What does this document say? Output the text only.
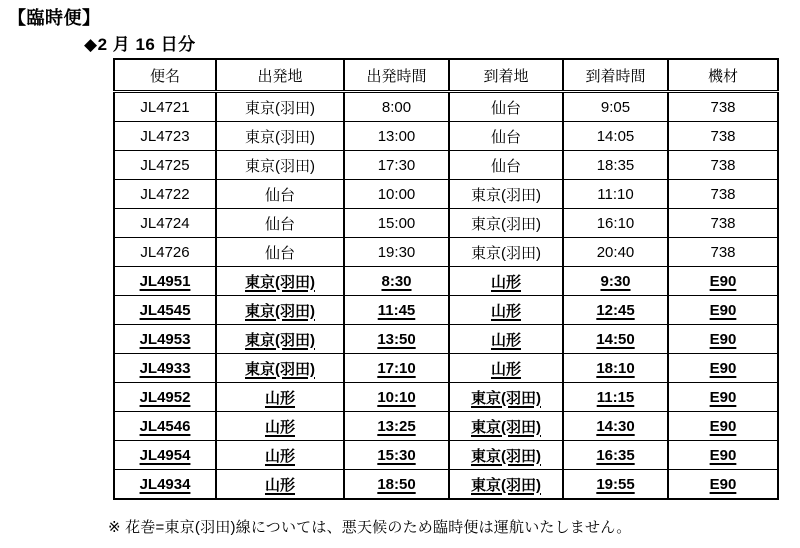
【臨時便】
◆2 月 16 日分
便名	出発地	出発時間	到着地	到着時間	機材
JL4721	東京(羽田)	8:00	仙台	9:05	738
JL4723	東京(羽田)	13:00	仙台	14:05	738
JL4725	東京(羽田)	17:30	仙台	18:35	738
JL4722	仙台	10:00	東京(羽田)	11:10	738
JL4724	仙台	15:00	東京(羽田)	16:10	738
JL4726	仙台	19:30	東京(羽田)	20:40	738
JL4951	東京(羽田)	8:30	山形	9:30	E90
JL4545	東京(羽田)	11:45	山形	12:45	E90
JL4953	東京(羽田)	13:50	山形	14:50	E90
JL4933	東京(羽田)	17:10	山形	18:10	E90
JL4952	山形	10:10	東京(羽田)	11:15	E90
JL4546	山形	13:25	東京(羽田)	14:30	E90
JL4954	山形	15:30	東京(羽田)	16:35	E90
JL4934	山形	18:50	東京(羽田)	19:55	E90
※ 花巻=東京(羽田)線については、悪天候のため臨時便は運航いたしません。
